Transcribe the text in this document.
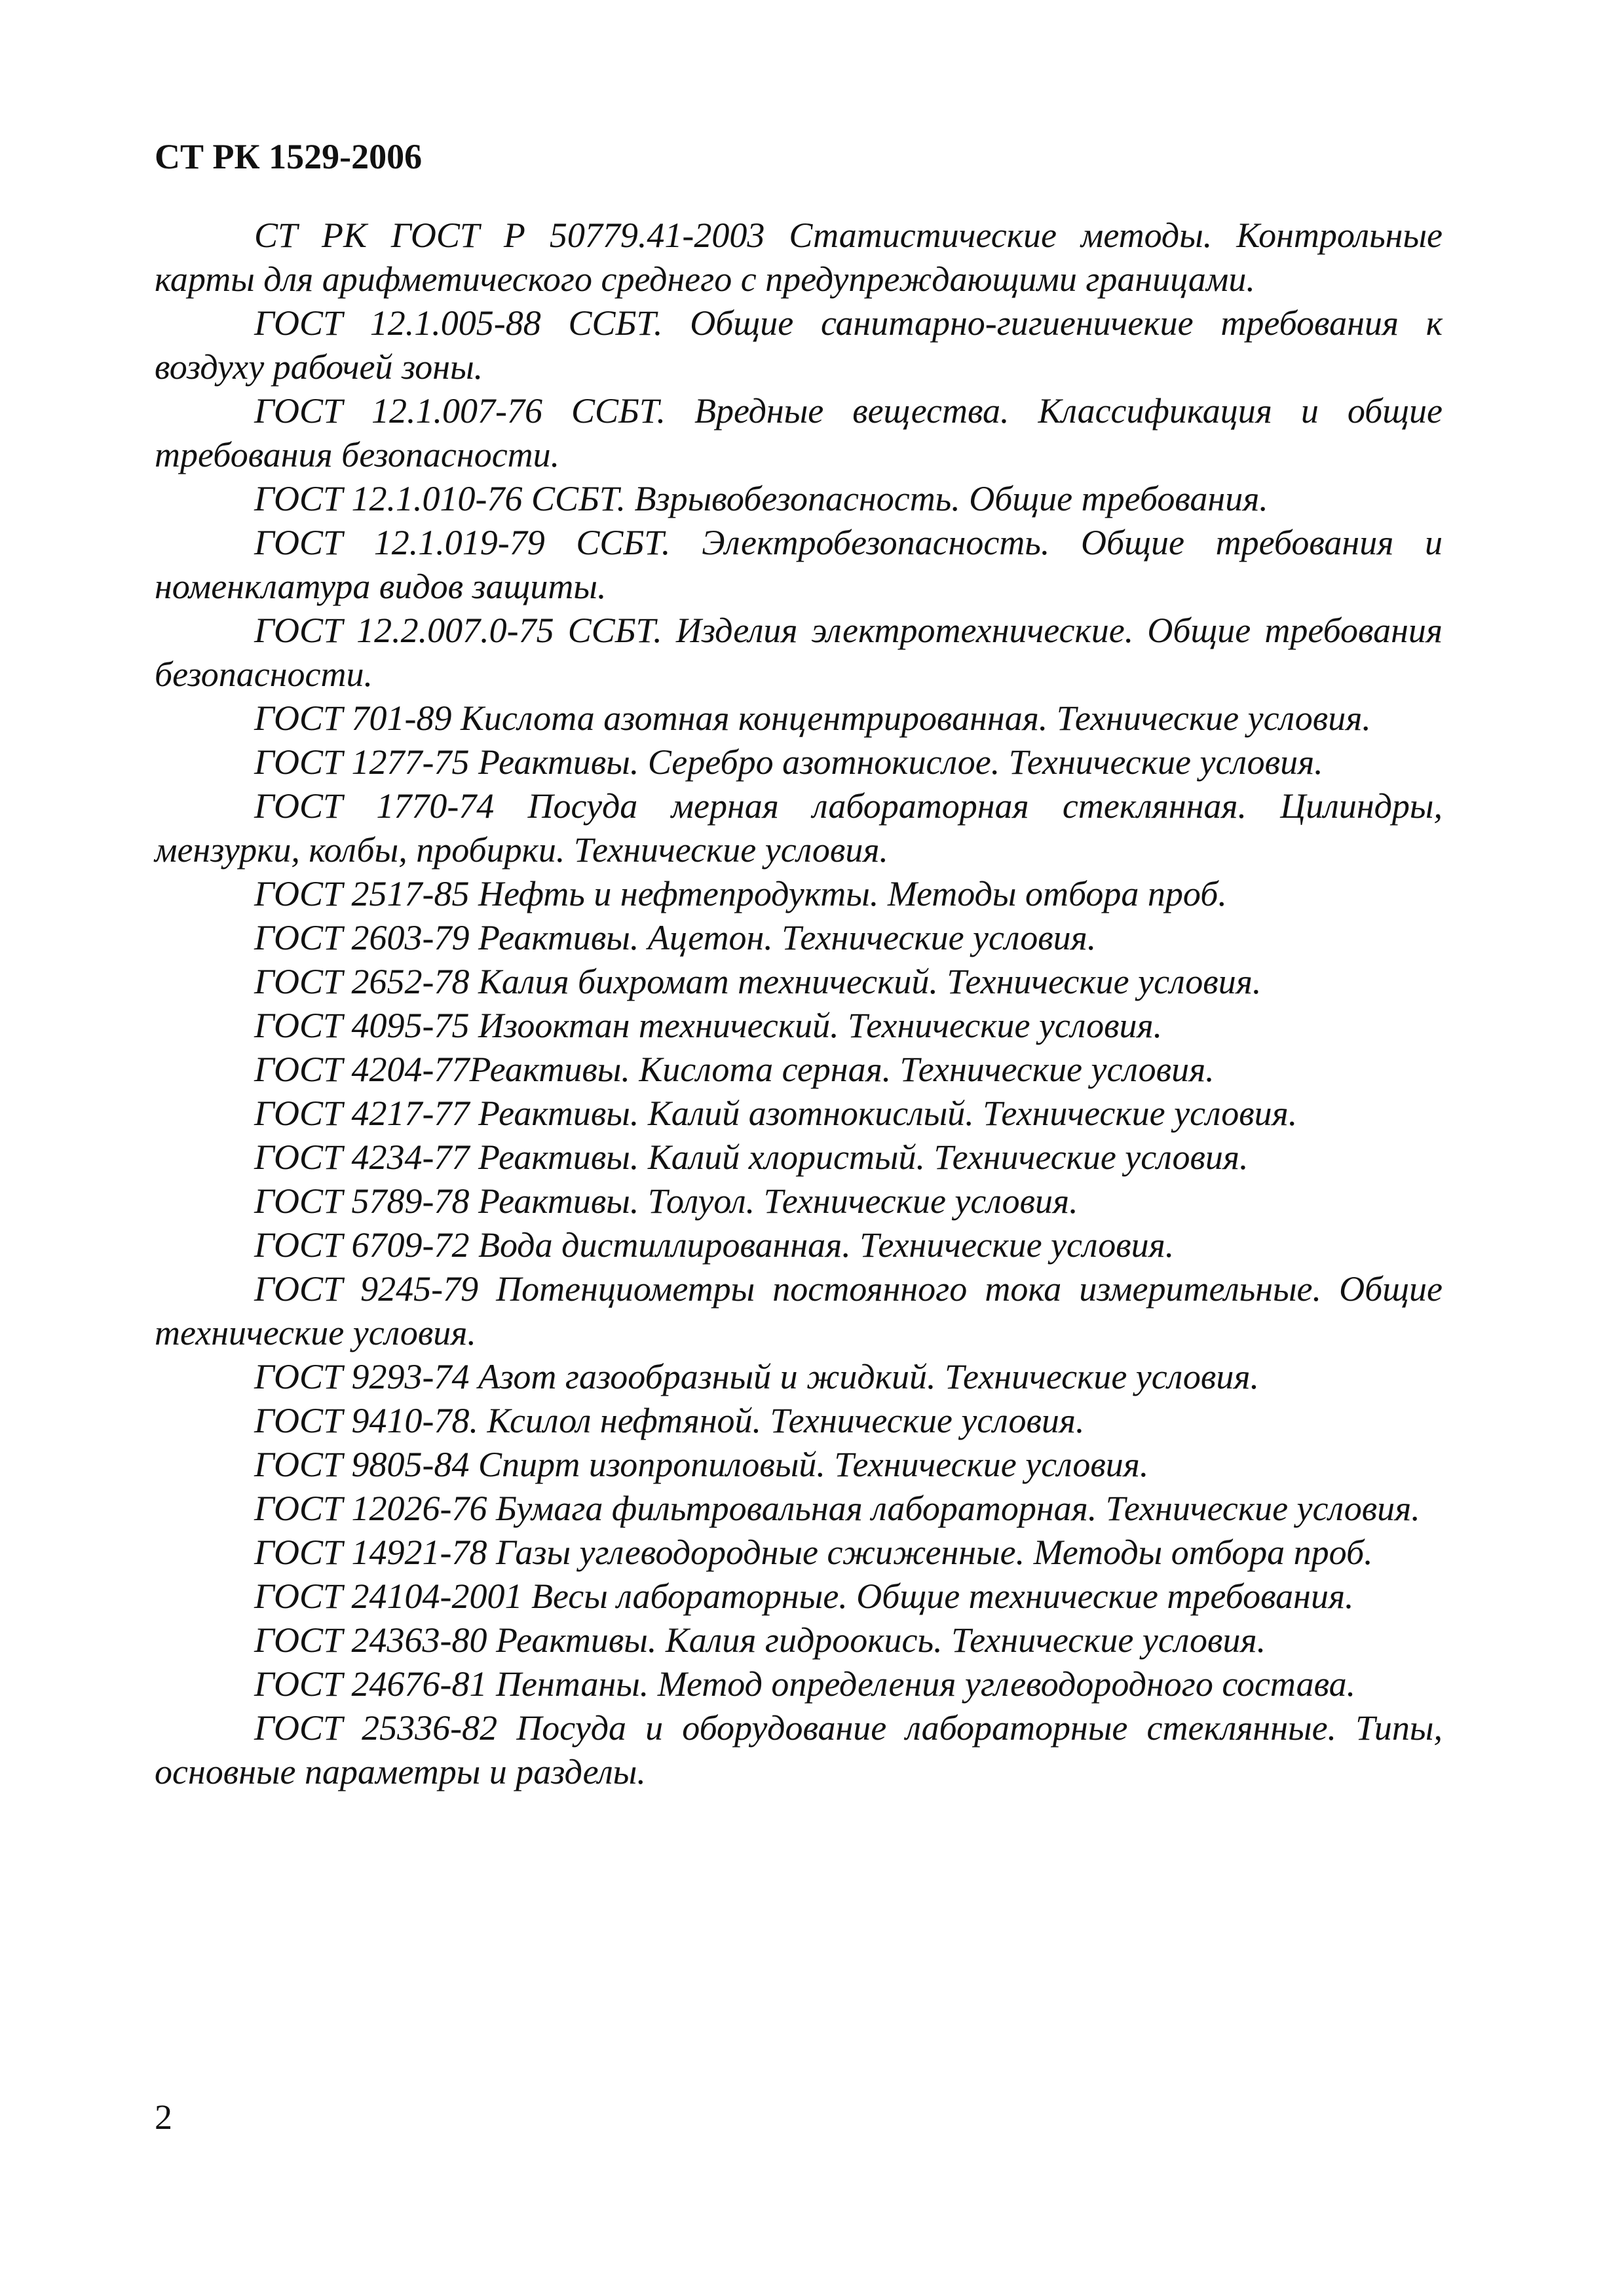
СТ РК 1529-2006

СТ РК ГОСТ Р 50779.41-2003 Статистические методы. Контрольные карты для арифметического среднего с предупреждающими границами.

ГОСТ 12.1.005-88 ССБТ. Общие санитарно-гигиеничекие требования к воздуху рабочей зоны.

ГОСТ 12.1.007-76 ССБТ. Вредные вещества. Классификация и общие требования безопасности.

ГОСТ 12.1.010-76 ССБТ. Взрывобезопасность. Общие требования.

ГОСТ 12.1.019-79 ССБТ. Электробезопасность. Общие требования и номенклатура видов защиты.

ГОСТ 12.2.007.0-75 ССБТ. Изделия электротехнические. Общие требования безопасности.

ГОСТ 701-89 Кислота азотная концентрированная. Технические условия.

ГОСТ 1277-75 Реактивы. Серебро азотнокислое. Технические условия.

ГОСТ 1770-74 Посуда мерная лабораторная стеклянная. Цилиндры, мензурки, колбы, пробирки. Технические условия.

ГОСТ 2517-85 Нефть и нефтепродукты. Методы отбора проб.

ГОСТ 2603-79 Реактивы. Ацетон. Технические условия.

ГОСТ 2652-78 Калия бихромат технический. Технические условия.

ГОСТ 4095-75 Изооктан технический. Технические условия.

ГОСТ 4204-77Реактивы. Кислота серная. Технические условия.

ГОСТ 4217-77 Реактивы. Калий азотнокислый. Технические условия.

ГОСТ 4234-77 Реактивы. Калий хлористый. Технические условия.

ГОСТ 5789-78 Реактивы. Толуол. Технические условия.

ГОСТ 6709-72 Вода дистиллированная. Технические условия.

ГОСТ 9245-79 Потенциометры постоянного тока измерительные. Общие технические условия.

ГОСТ 9293-74 Азот газообразный и жидкий. Технические условия.

ГОСТ 9410-78. Ксилол нефтяной. Технические условия.

ГОСТ 9805-84 Спирт изопропиловый. Технические условия.

ГОСТ 12026-76 Бумага фильтровальная лабораторная. Технические условия.

ГОСТ 14921-78 Газы углеводородные сжиженные. Методы отбора проб.

ГОСТ 24104-2001 Весы лабораторные. Общие технические требования.

ГОСТ 24363-80 Реактивы. Калия гидроокись. Технические условия.

ГОСТ 24676-81 Пентаны. Метод определения углеводородного состава.

ГОСТ 25336-82 Посуда и оборудование лабораторные стеклянные. Типы, основные параметры и разделы.

2
